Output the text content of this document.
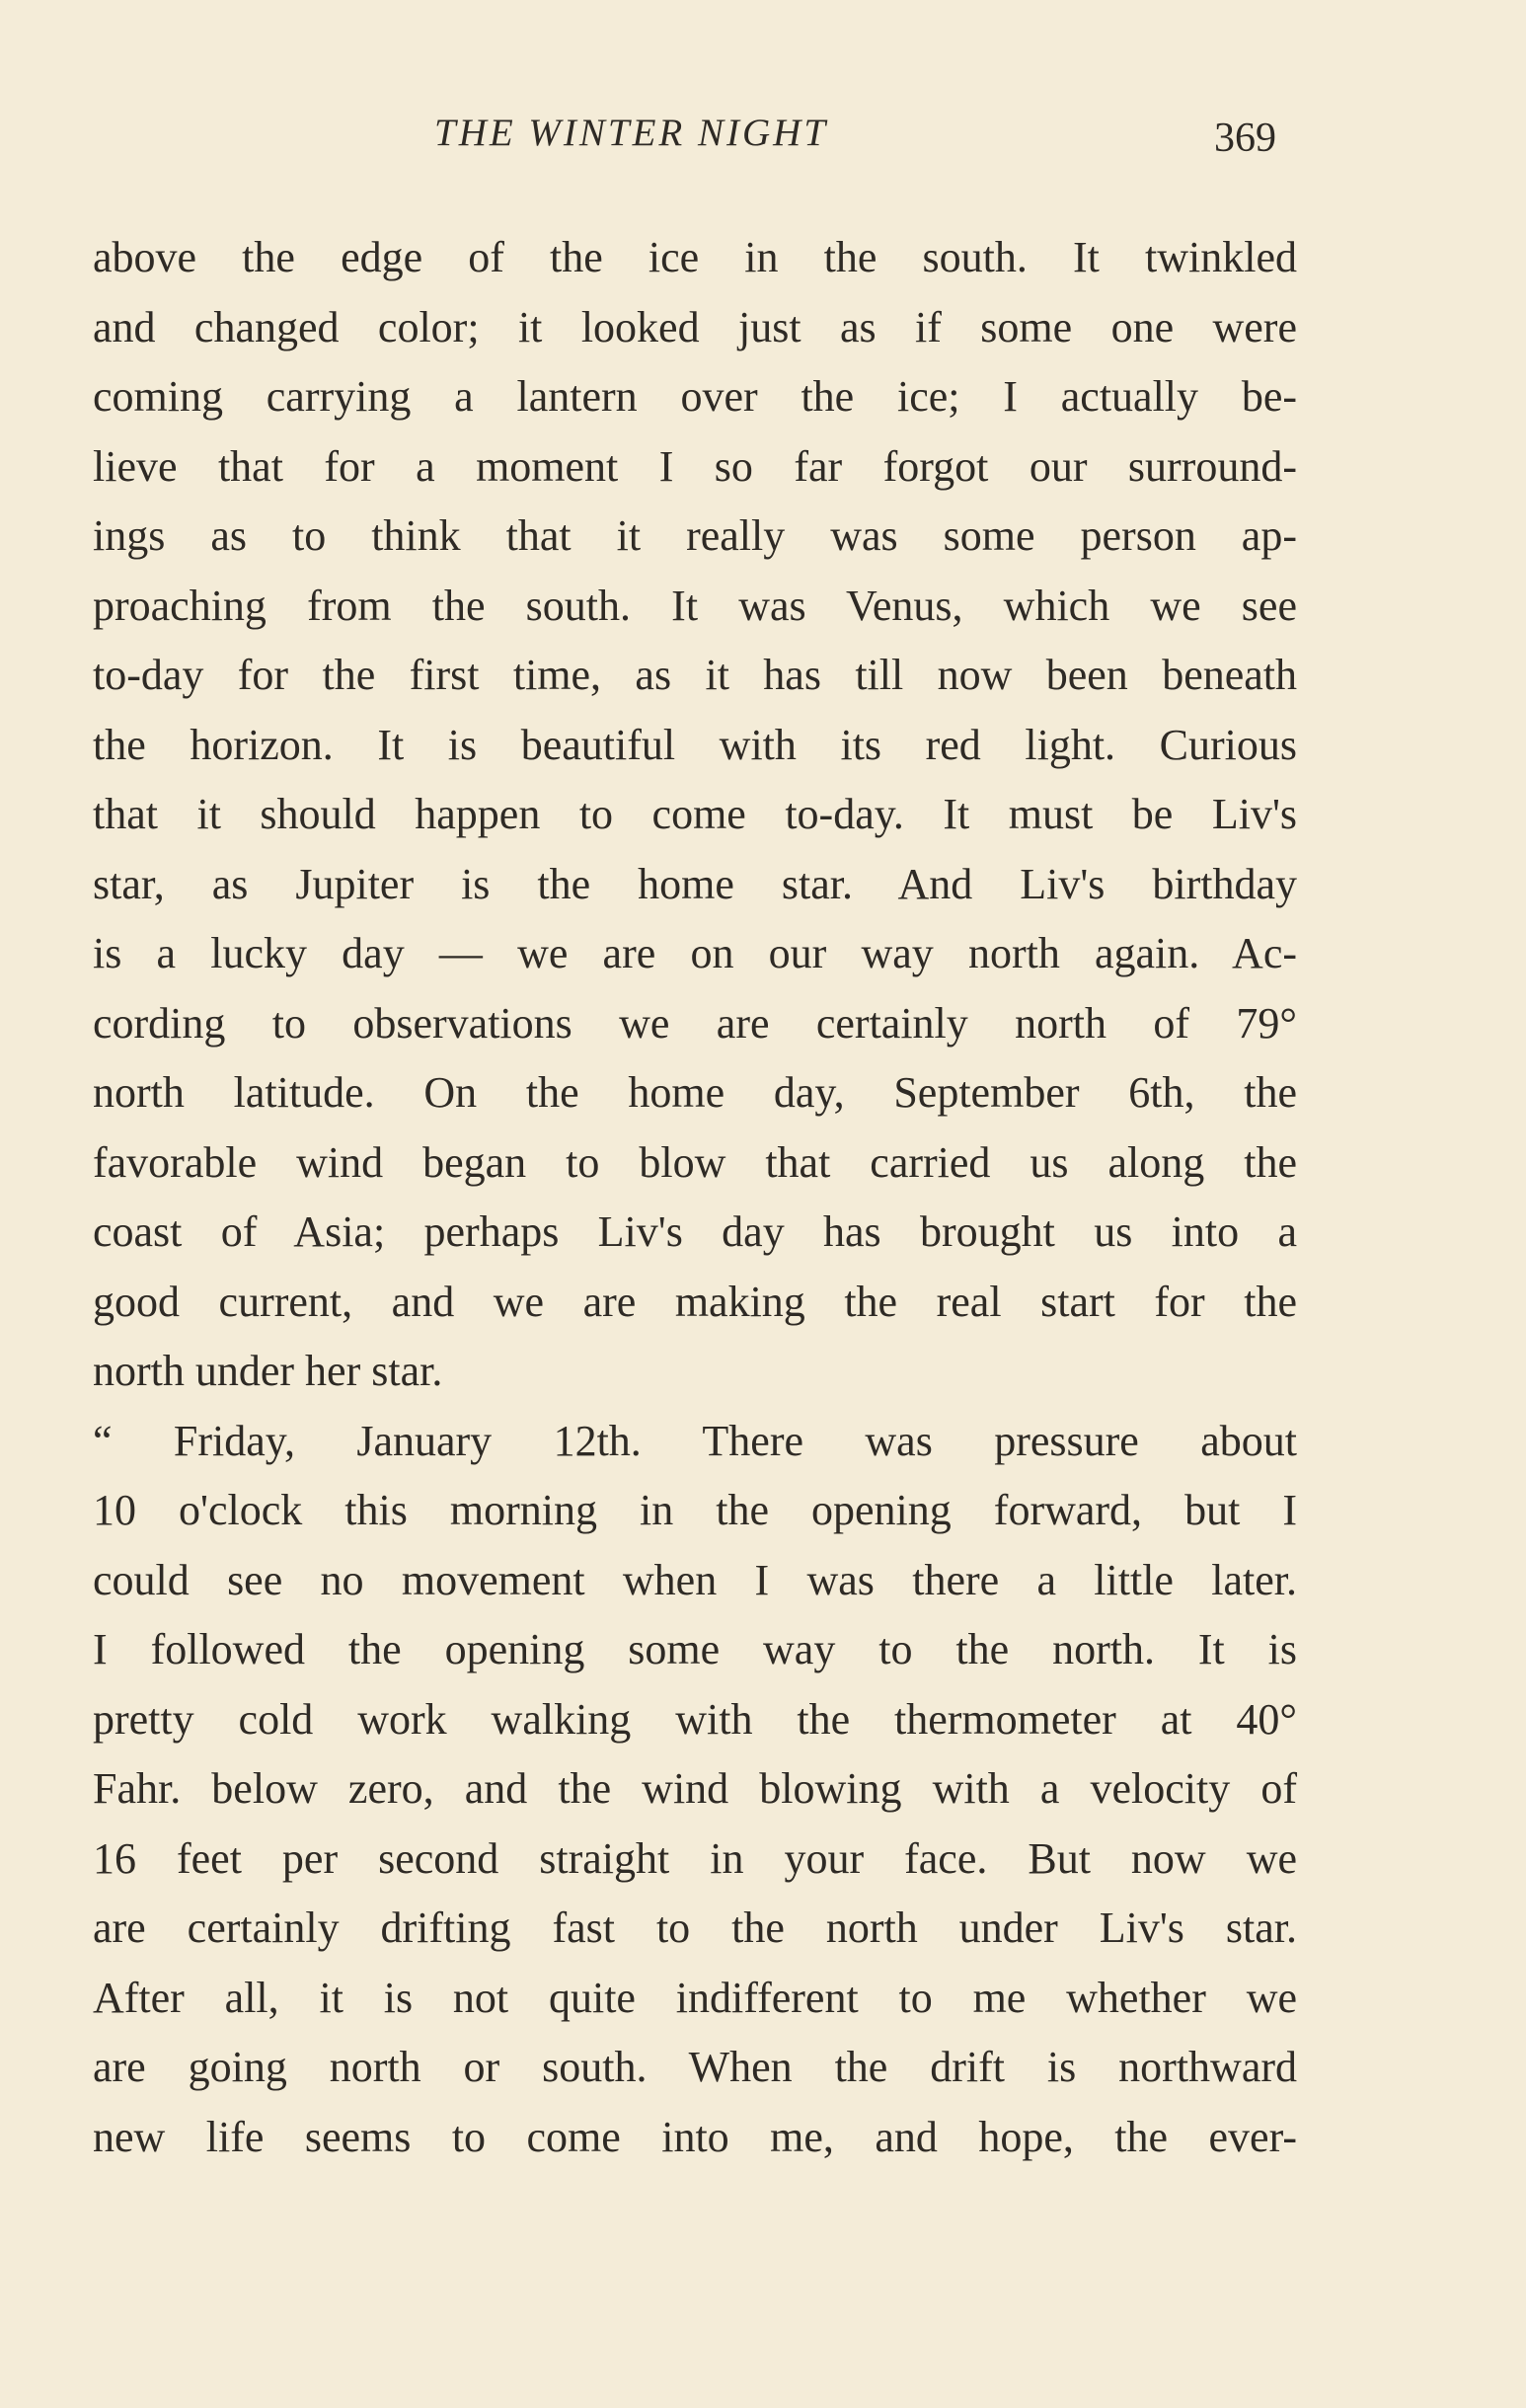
THE WINTER NIGHT	369
above the edge of the ice in the south. It twinkled
and changed color; it looked just as if some one were
coming carrying a lantern over the ice; I actually be-
lieve that for a moment I so far forgot our surround-
ings as to think that it really was some person ap-
proaching from the south. It was Venus, which we see
to-day for the first time, as it has till now been beneath
the horizon. It is beautiful with its red light. Curious
that it should happen to come to-day. It must be Liv's
star, as Jupiter is the home star. And Liv's birthday
is a lucky day — we are on our way north again. Ac-
cording to observations we are certainly north of 79°
north latitude. On the home day, September 6th, the
favorable wind began to blow that carried us along the
coast of Asia; perhaps Liv's day has brought us into a
good current, and we are making the real start for the
north under her star.
“ Friday, January 12th. There was pressure about
10 o'clock this morning in the opening forward, but I
could see no movement when I was there a little later.
I followed the opening some way to the north. It is
pretty cold work walking with the thermometer at 40°
Fahr. below zero, and the wind blowing with a velocity of
16 feet per second straight in your face. But now we
are certainly drifting fast to the north under Liv's star.
After all, it is not quite indifferent to me whether we
are going north or south. When the drift is northward
new life seems to come into me, and hope, the ever-
